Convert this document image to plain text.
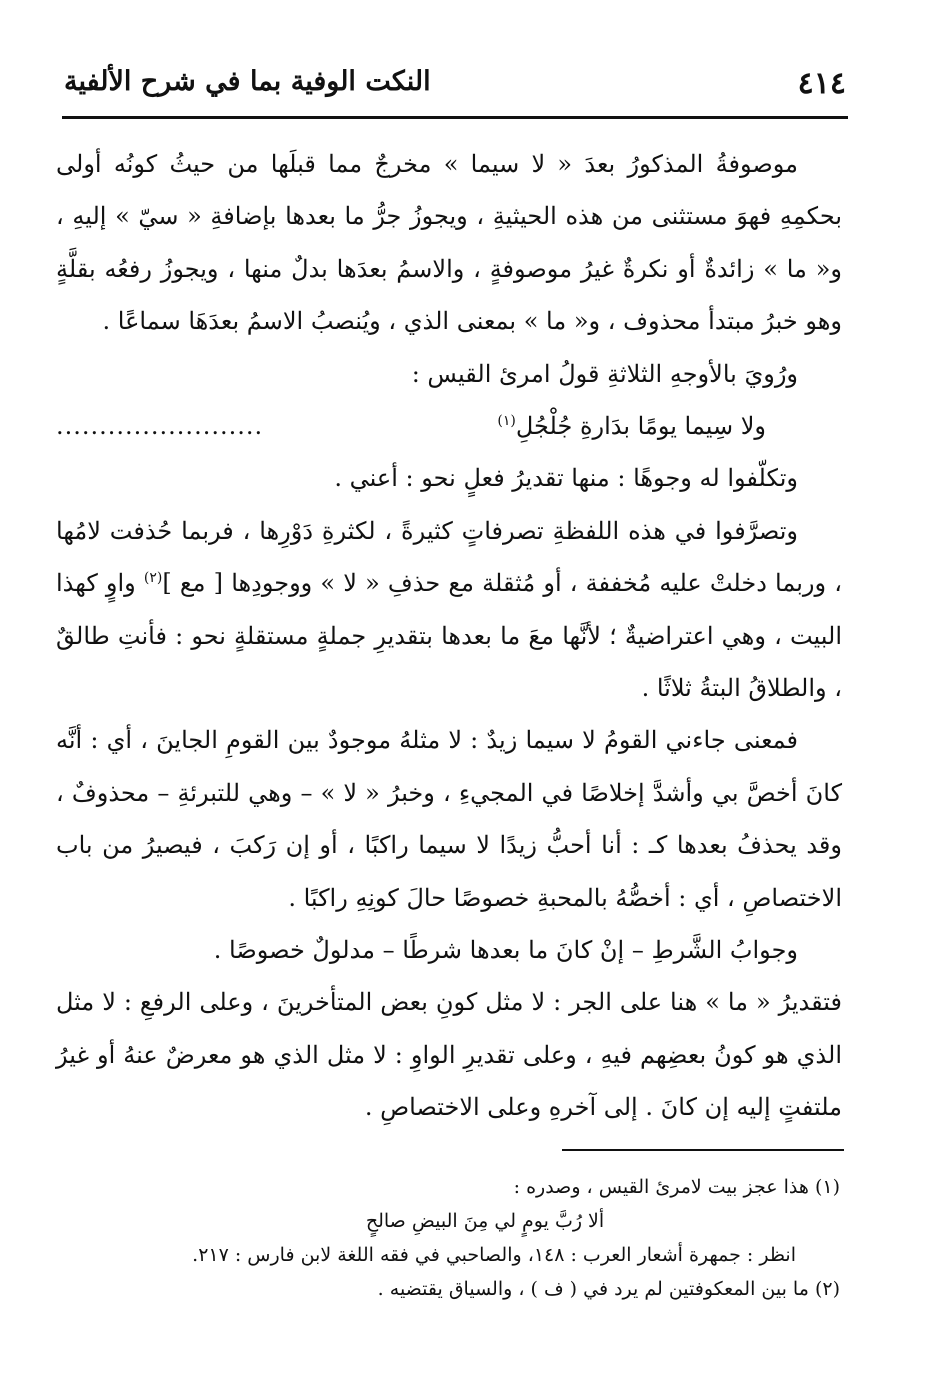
٤١٤
النكت الوفية بما في شرح الألفية

موصوفةُ المذكورُ بعدَ « لا سيما » مخرجٌ مما قبلَها من حيثُ كونُه أولى بحكمِهِ فهوَ مستثنى من هذه الحيثيةِ ، ويجوزُ جرُّ ما بعدها بإضافةِ « سيّ » إليهِ ، و« ما » زائدةٌ أو نكرةٌ غيرُ موصوفةٍ ، والاسمُ بعدَها بدلٌ منها ، ويجوزُ رفعُه بقلَّةٍ وهو خبرُ مبتدأ محذوف ، و« ما » بمعنى الذي ، ويُنصبُ الاسمُ بعدَهَا سماعًا .

ورُويَ بالأوجهِ الثلاثةِ قولُ امرئ القيس :

........................	ولا سِيما يومًا بدَارةِ جُلْجُلِ$^{(١)}$

وتكلّفوا له وجوهًا : منها تقديرُ فعلٍ نحو : أعني .

وتصرَّفوا في هذه اللفظةِ تصرفاتٍ كثيرةً ، لكثرةِ دَوْرِها ، فربما حُذفت لامُها ، وربما دخلتْ عليه مُخففة ، أو مُثقلة مع حذفِ « لا » ووجودِها [ مع ]$^{(٢)}$ واوٍ كهذا البيت ، وهي اعتراضيةٌ ؛ لأنَّها معَ ما بعدها بتقديرِ جملةٍ مستقلةٍ نحو : فأنتِ طالقٌ ، والطلاقُ البتةُ ثلاثًا .

فمعنى جاءني القومُ لا سيما زيدٌ : لا مثلهُ موجودٌ بين القومِ الجاينَ ، أي : أنَّه كانَ أخصَّ بي وأشدَّ إخلاصًا في المجيءِ ، وخبرُ « لا » – وهي للتبرئةِ – محذوفٌ ، وقد يحذفُ بعدها كـ : أنا أحبُّ زيدًا لا سيما راكبًا ، أو إن رَكبَ ، فيصيرُ من باب الاختصاصِ ، أي : أخصُّهُ بالمحبةِ خصوصًا حالَ كونِهِ راكبًا .

وجوابُ الشَّرطِ – إنْ كانَ ما بعدها شرطًا – مدلولٌ خصوصًا .

فتقديرُ « ما » هنا على الجر : لا مثل كونِ بعض المتأخرينَ ، وعلى الرفعِ : لا مثل الذي هو كونُ بعضِهم فيهِ ، وعلى تقديرِ الواوِ : لا مثل الذي هو معرضٌ عنهُ أو غيرُ ملتفتٍ إليه إن كانَ . إلى آخرهِ وعلى الاختصاصِ .

(١) هذا عجز بيت لامرئ القيس ، وصدره :

ألا رُبَّ يومٍ لي مِنَ البيضِ صالحٍ

انظر : جمهرة أشعار العرب : ١٤٨، والصاحبي في فقه اللغة لابن فارس : ٢١٧.

(٢) ما بين المعكوفتين لم يرد في ( ف ) ، والسياق يقتضيه .
